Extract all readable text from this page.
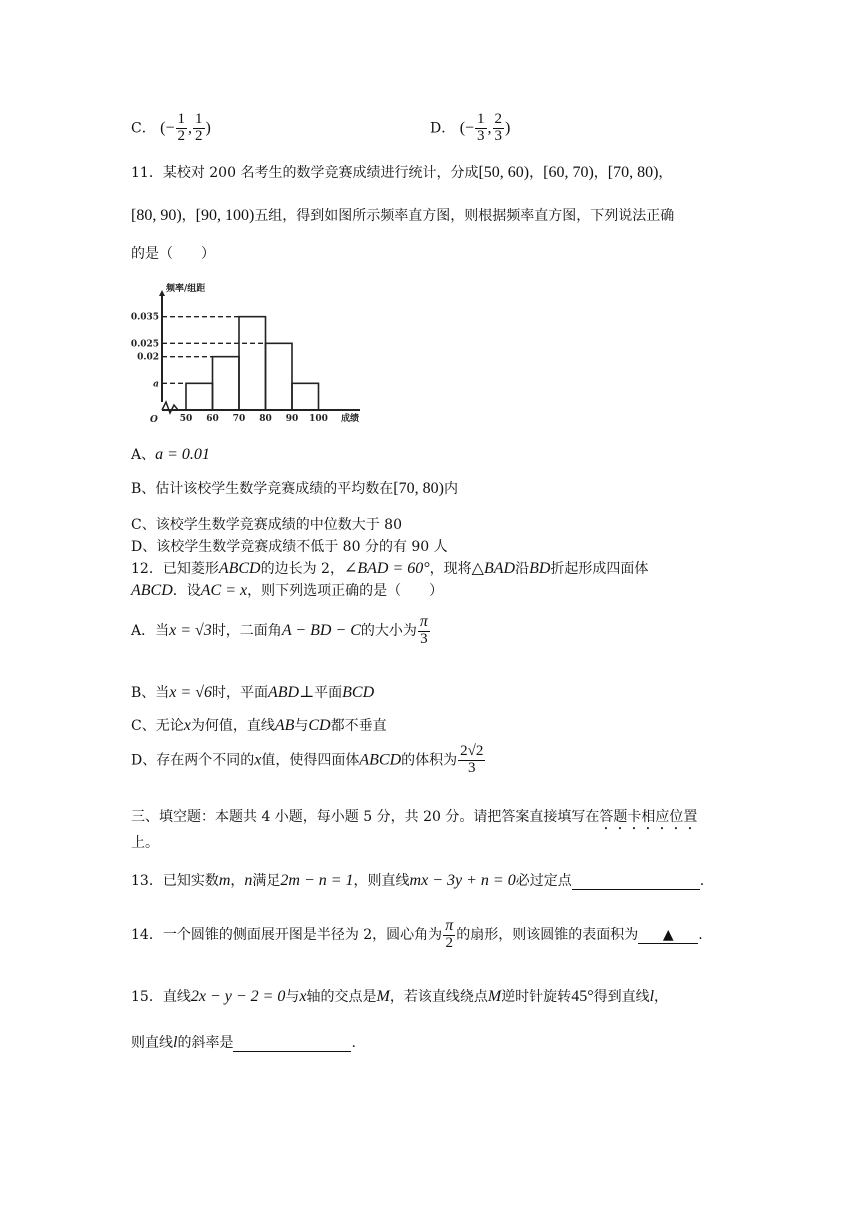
C． (− $\frac{1}{2}$ , $\frac{1}{2}$ )	D． (− $\frac{1}{3}$ , $\frac{2}{3}$ )
11．某校对 200 名考生的数学竞赛成绩进行统计，分成[50, 60)，[60, 70)，[70, 80)，
[80, 90)，[90, 100)五组，得到如图所示频率直方图，则根据频率直方图，下列说法正确
的是（　　）
频率/组距
O
0.035
0.025
0.02
a
50 60 70 80 90 100 成绩
A、a = 0.01
B、估计该校学生数学竞赛成绩的平均数在[70, 80)内
C、该校学生数学竞赛成绩的中位数大于 80
D、该校学生数学竞赛成绩不低于 80 分的有 90 人
12．已知菱形ABCD的边长为 2，∠BAD = 60°，现将△BAD沿BD折起形成四面体
ABCD．设AC = x，则下列选项正确的是（　　）
A．当x = √3时，二面角A − BD − C的大小为 $\frac{\pi}{3}$
B、当x = √6时，平面ABD⊥平面BCD
C、无论x为何值，直线AB与CD都不垂直
D、存在两个不同的x值，使得四面体ABCD的体积为 $\frac{2√2}{3}$
三、填空题：本题共 4 小题，每小题 5 分，共 20 分。请把答案直接填写在答题卡相应位置
上。
13．已知实数m，n满足2m − n = 1，则直线mx − 3y + n = 0必过定点	.
14．一个圆锥的侧面展开图是半径为 2，圆心角为 $\frac{\pi}{2}$ 的扇形，则该圆锥的表面积为 ▲ .
15．直线2x − y − 2 = 0与x轴的交点是M，若该直线绕点M逆时针旋转45°得到直线l，
则直线l的斜率是	.
